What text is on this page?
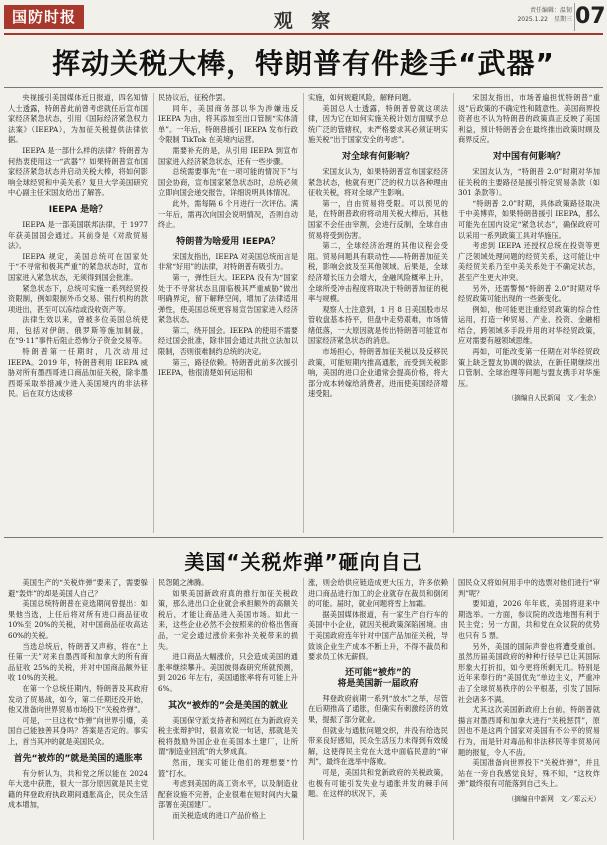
国防时报	观 察	责任编辑：温韧
2025.1.22　星期三 07
挥动关税大棒，特朗普有件趁手“武器”

央视援引美国媒体近日报道，四名知情人士透露，特朗普此前曾考虑就任后宣布国家经济紧急状态，引用《国际经济紧急权力法案》（IEEPA），为加征关税提供法律依据。

IEEPA 是一部什么样的法律？特朗普为何热衷使用这一“武器”？如果特朗普宣布国家经济紧急状态并启动关税大棒，将如何影响全球经贸和中美关系？复旦大学美国研究中心副主任宋国友给出了解答。

IEEPA 是啥？

IEEPA 是一部美国联邦法律，于 1977 年获美国国会通过。其前身是《对敌贸易法》。

IEEPA 规定，美国总统可在国家处于“不寻常和极其严重”的紧急状态时，宣布国家进入紧急状态，无须得到国会批准。

紧急状态下，总统可实施一系列经贸投资限制，例如限制外币交易、银行机构的款项进出，甚至可以冻结或没收资产等。

法律生效以来，曾被多位美国总统使用，包括对伊朗、俄罗斯等施加制裁，在“9·11”事件后阻止恐怖分子资金交易等。

特朗普第一任期时，几次动用过 IEEPA。2019 年，特朗普利用 IEEPA 威胁对所有墨西哥进口商品加征关税，除非墨西哥采取举措减少进入美国境内的非法移民。后在双方达成移

民协议后，征税作罢。

同年，美国商务部以华为涉嫌违反 IEEPA 为由，将其添加至出口管制“实体清单”。一年后，特朗普援引 IEEPA 发布行政令限制 TikTok 在美境内运营。

需要补充的是，从引用 IEEPA 到宣布国家进入经济紧急状态，还有一些步骤。

总统需要事先“在一项可能的情况下”与国会协商，宣布国家紧急状态时，总统必须立即向国会递交报告，详细说明具体情况。

此外，需每隔 6 个月进行一次评估。满一年后，需再次向国会说明情况，否则自动终止。

特朗普为啥爱用 IEEPA？

宋国友指出，IEEPA 对美国总统而言是非常“好用”的法律，对特朗普有吸引力。

第一，弹性巨大。IEEPA 没有为“国家处于不寻常状态且面临极其严重威胁”做出明确界定，留下解释空间，增加了法律适用弹性，使美国总统更容易宣告国家进入经济紧急状态。

第二，绕开国会。IEEPA 的使用不需要经过国会批准，除非国会通过共批立法加以限制，否则很难制约总统的决定。

第三，路径依赖。特朗普此前多次援引 IEEPA，他很清楚如何运用和

实施，如何规避风险，解释问题。

美国总人士透露，特朗普曾就这项法律，因为它在如何实施关税计划方面赋予总统广泛的管辖权，未严格要求其必须证明实施关税“出于国家安全的考虑”。

对全球有何影响？

宋国友认为，如果特朗普宣布国家经济紧急状态，他就有更广泛的权力以各种理由征收关税，将对全球产生影响。

第一，自由贸易将受限。可以预见的是，在特朗普政府将动用关税大棒后，其他国家不会任由宰割，会进行反制，全球自由贸易将受到伤害。

第二，全球经济治理的其他议程会受阻。贸易问题具有联动性——特朗普加征关税，影响会波及至其他领域。后果是，全球经济增长压力会增大，金融风险概率上升，全球所受冲击程度将取决于特朗普加征的税率与规模。

观察人士注意到，1 月 8 日美国股市尽管收盘基本持平，但盘中走势艰难，市场情绪低落，一大原因就是传出特朗普可能宣布国家经济紧急状态的消息。

市场担心，特朗普加征关税以及反移民政策，可能短期内推高通胀，而受到关税影响，美国的进口企业通常会提高价格，将大部分成本转嫁给消费者，进而使美国经济增速受阻。

宋国友指出，市场普遍担忧特朗普“重返”后政策的不确定性和随意性。美国商界投资者也不认为特朗普的政策真正反映了美国利益，预计特朗普会在最终推出政策时顾及商界反应。

对中国有何影响？

宋国友认为，“特朗普 2.0”时期对华加征关税的主要路径是援引特定贸易条款（如 301 条款等）。

“特朗普 2.0”时期，具体政策路径取决于中美博弈，如果特朗普援引 IEEPA，那么可能先在国内设定“紧急状态”，确保政府可以采用一系列政策工具对华施压。

考虑到 IEEPA 还授权总统在投资等更广泛领域处理问题的经贸关系，这可能让中美经贸关系乃至中美关系处于不确定状态，甚至产生更大冲突。

另外，还需警惕“特朗普 2.0”时期对华经贸政策可能出现的一些新变化。

例如，他可能更注重经贸政策的综合性运用，打造一种贸易、产业、投资、金融相结合，跨领域多手段并用的对华经贸政策，应对需要有越领域思维。

再如，可能改变第一任期在对华经贸政策上缺乏盟友协调的做法，在新任期继续出口管制、全球治理等问题与盟友携手对华施压。

（摘编自人民新闻　文／张余）
美国“关税炸弹”砸向自己

美国生产的“关税炸弹”要来了，需要躲避“轰炸”的却是美国人自己？

美国总统特朗普在竞选期间曾提出：如果他当选，上任后将对所有进口商品征收 10%至 20%的关税，对中国商品征收高达 60%的关税。

当选总统后，特朗普又声称，将在“上任第一天”对来自墨西哥和加拿大的所有商品征收 25%的关税，并对中国商品额外征收 10%的关税。

在第一个总统任期内，特朗普及其政府发动了贸易战，如今，第二任期还没开始，他又准备向世界贸易市场投下“关税炸弹”。

可是，一旦这枚“炸弹”向世界引爆，美国自己能独善其身吗？答案是否定的。事实上，首当其冲的就是美国民众。

首先“被炸的”就是美国的通胀率

有分析认为，共和党之所以能在 2024 年大选中获胜，很大一部分原因就是民主党籍的拜登政府执政期间通胀高企，民众生活成本增加，

民怨随之沸腾。

如果美国新政府真的推行加征关税政策，那么进出口企业就会承担额外的高额关税后，才能让商品进入美国市场。如此一来，这些企业必然不会按照来的价格出售商品，一定会通过涨价来弥补关税带来的损失。

进口商品大幅涨价，只会造成美国的通胀率继续攀升。美国彼得森研究所就预测，到 2026 年左右，美国通胀率将有可能上升 6%。

其次“被炸的”会是美国的就业

美国保守派支持者和网红在为新政府关税主张辩护时，很喜欢说一句话，那就是关税将鼓励外国企业在美国本土建厂，让所谓“制造业回流”的大梦成真。

然而，现实可能让他们的理想要“竹篮”打水。

考虑到美国的高工资水平，以及制造业配套设施不完善，企业很难在短时间内大量部署在美国建厂。

而关税造成的进口产品价格上

涨，则会给供应链造成更大压力，许多依赖进口商品进行加工的企业就存在裁员和倒闭的可能。届时，就业问题将雪上加霜。

据美国媒体报道，有一家生产自行车的美国中小企业，就因关税政策深陷困境。由于美国政府连年针对中国产品加征关税，导致该企业生产成本不断上升，不得不裁员和要求员工休无薪假。

还可能“被炸”的
将是美国新一届政府

拜登政府前期一系列“放水”之举，尽管在后期推高了通胀，但确实有刺激经济的效果，提振了部分就业。

但就业与通胀问题交织，并没有给选民带来良好感知，民众生活压力未得到有效缓解，这使得民主党在大选中面临民意的“审判”，最终在选举中落败。

可是，美国共和党新政府的关税政策，也极有可能引发失业与通胀并发的棘手问题。在这样的状况下，美

国民众又将如何用手中的选票对他们进行“审判”呢？

要知道，2026 年年底，美国将迎来中期选举。一方面，参议院的改选地图有利于民主党；另一方面，共和党在众议院的优势也只有 5 票。

另外，美国的国际声誉也将遭受重创。虽然历届美国政府的种种行径早已让其国际形象大打折扣，如今更将所剩无几。特别是近年来奉行的“美国优先”单边主义，严重冲击了全球贸易秩序的公平根基，引发了国际社会诸多不满。

尤其这次美国新政府上台前，特朗普就揚言对墨西哥和加拿大进行“关税惩罚”，原因也不是这两个国家对美国有不公平的贸易行为，而是针对毒品和非法移民等非贸易问题的报复，令人不齿。

美国准备向世界投下“关税炸弹”，并且站在一旁自我感觉良好，殊不知，“这枚炸弹”最终很有可能落到自己头上。

（摘编自中新网　文／郑云天）
